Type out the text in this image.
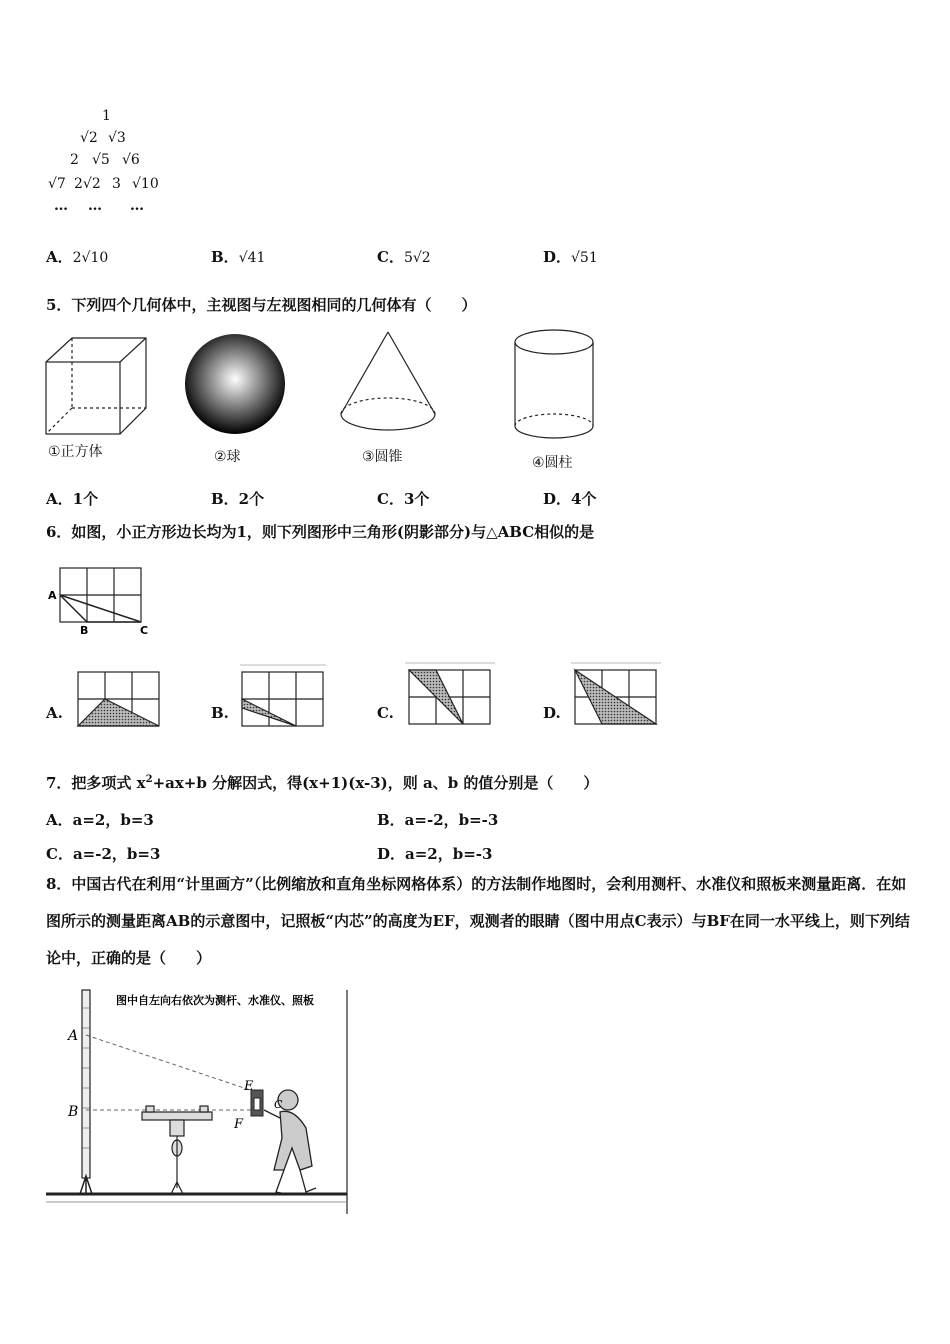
1
√2 √3
2 √5 √6
√7 2√2 3 √10
… … …
A．2√10	B．√41	C．5√2	D．√51
5．下列四个几何体中，主视图与左视图相同的几何体有（　　）
①正方体	②球	③圆锥	④圆柱
A．1个	B．2个	C．3个	D．4个
6．如图，小正方形边长均为1，则下列图形中三角形(阴影部分)与△ABC相似的是
A
B	C
A.	B.	C.	D.
7．把多项式 $x^2+ax+b$ 分解因式，得(x+1)(x-3)，则 a、b 的值分别是（　　）
A．a=2，b=3	B．a=-2，b=-3
C．a=-2，b=3	D．a=2，b=-3
8．中国古代在利用“计里画方”（比例缩放和直角坐标网格体系）的方法制作地图时，会利用测杆、水准仪和照板来测量距离．在如图所示的测量距离AB的示意图中，记照板“内芯”的高度为EF，观测者的眼睛（图中用点C表示）与BF在同一水平线上，则下列结论中，正确的是（　　）
图中自左向右依次为测杆、水准仪、照板
A
B
E
F
C
